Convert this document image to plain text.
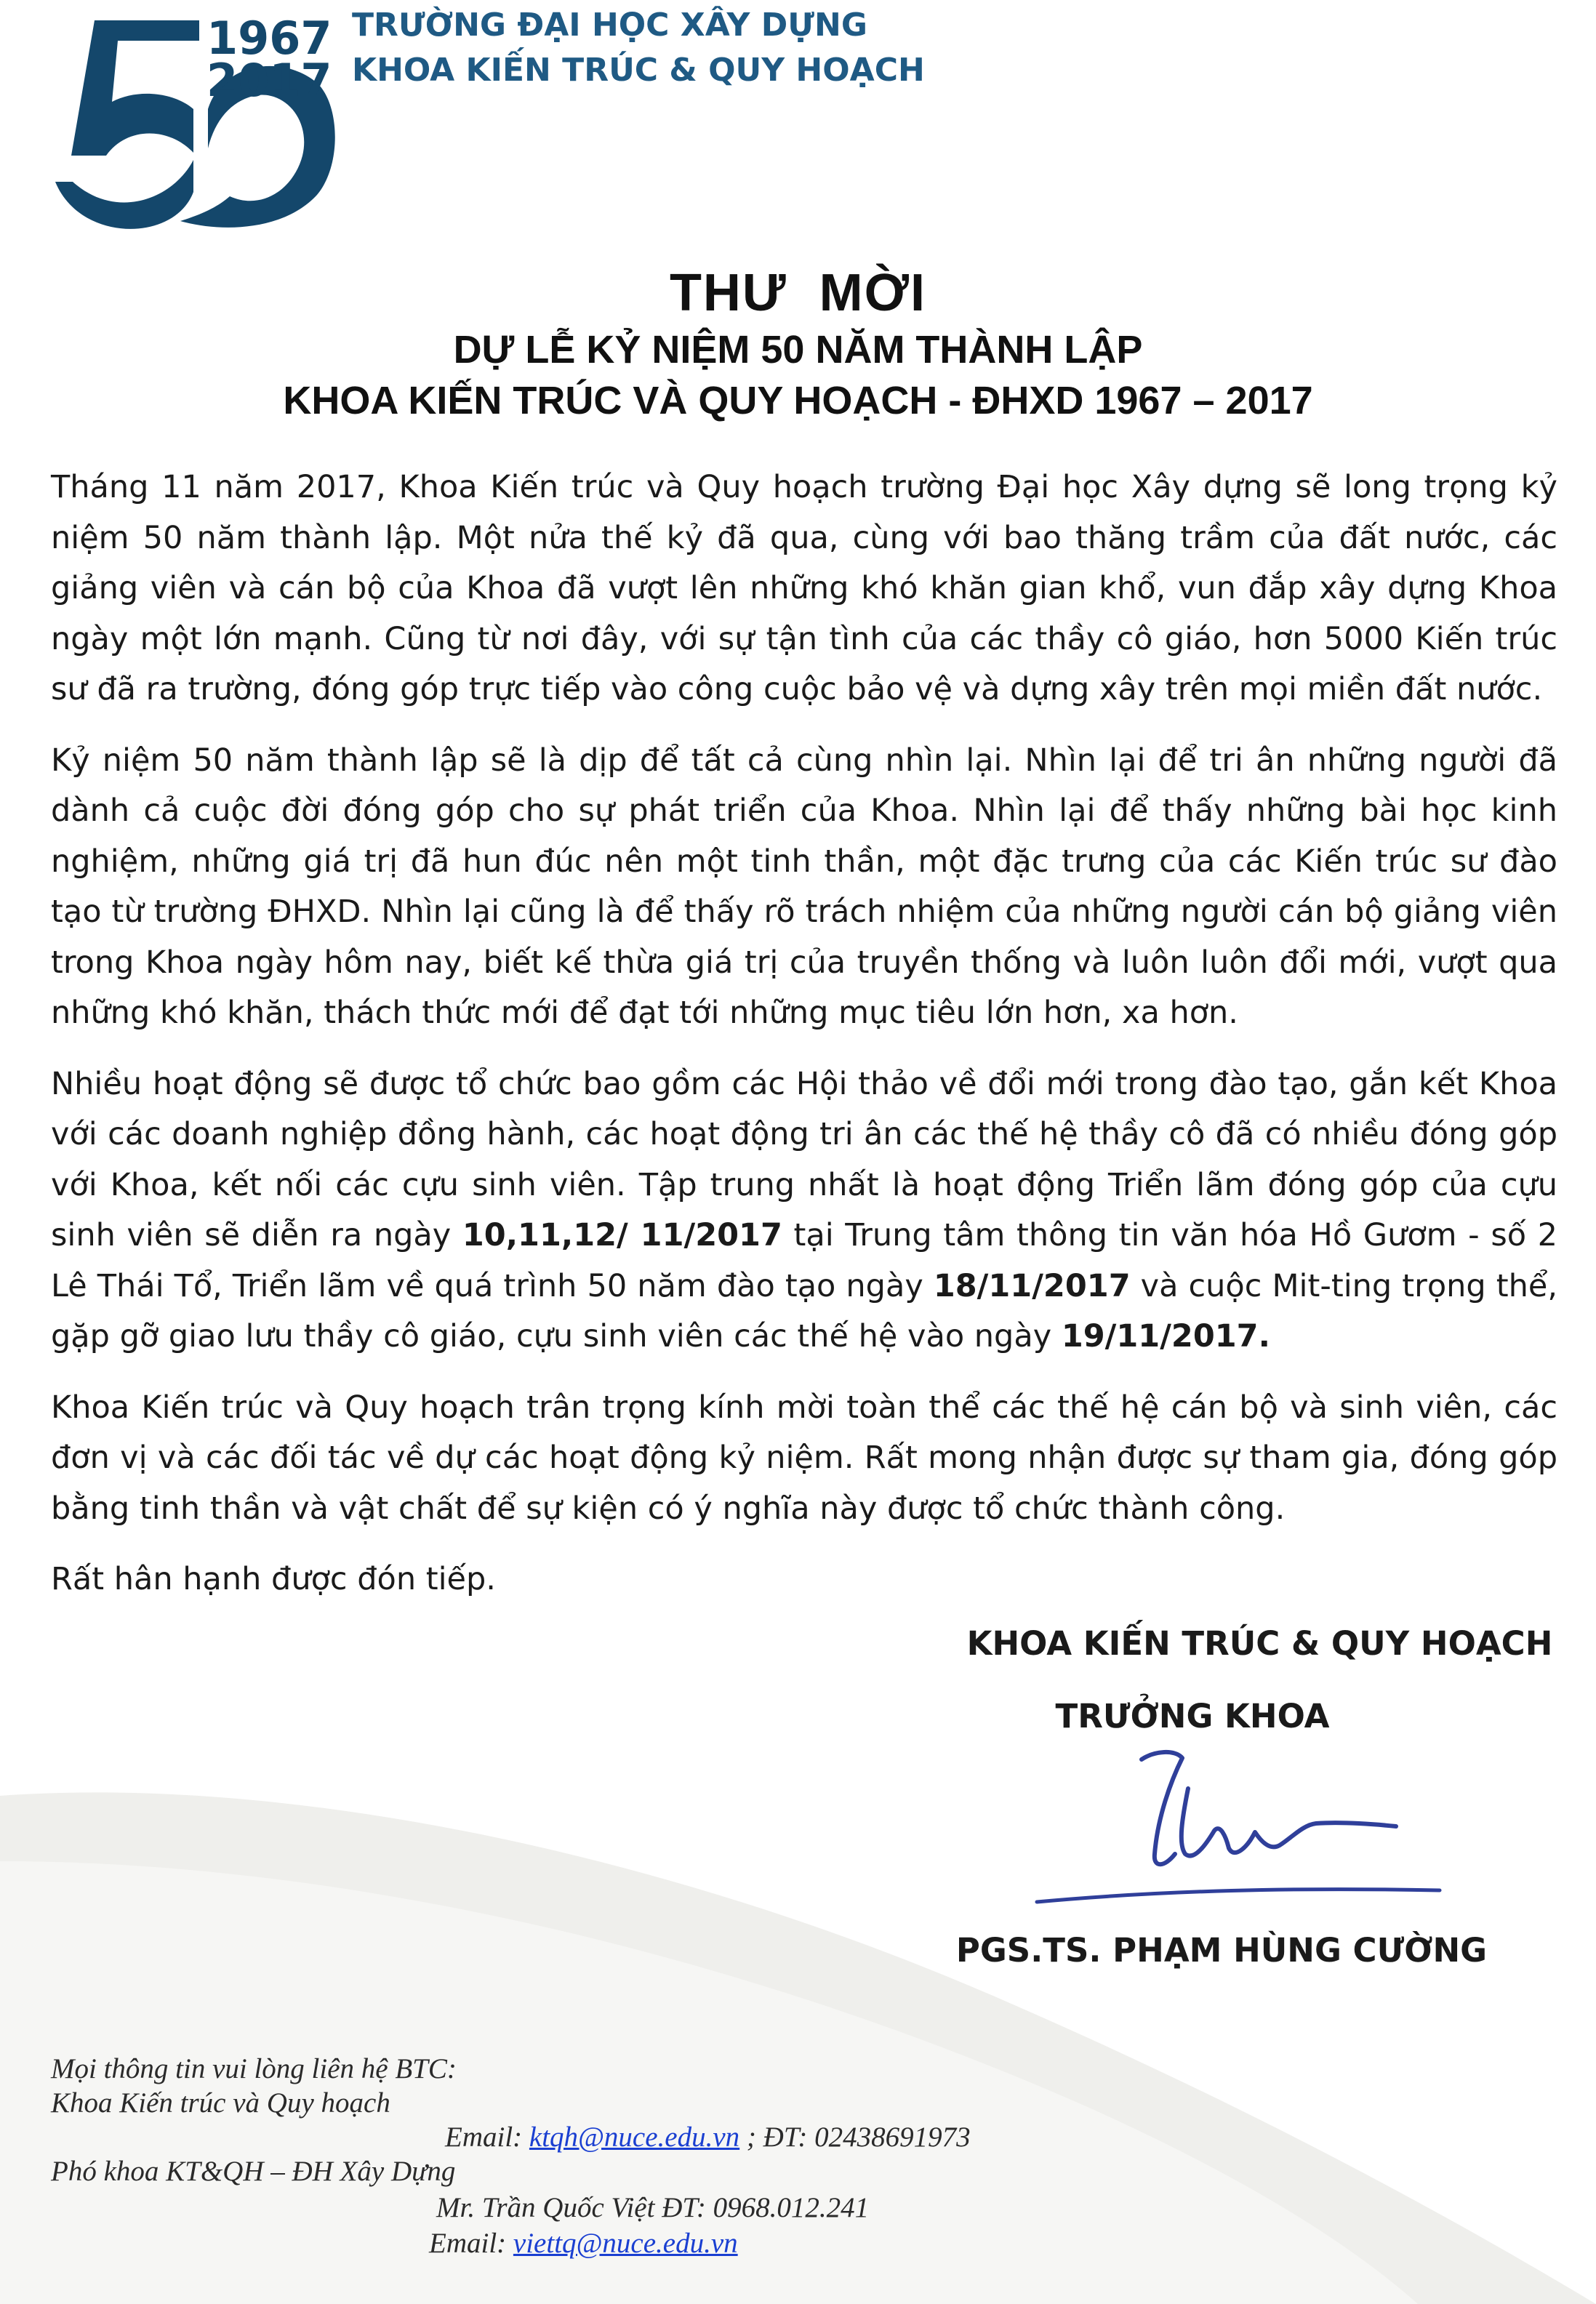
1967
2017
TRƯỜNG ĐẠI HỌC XÂY DỰNG
KHOA KIẾN TRÚC & QUY HOẠCH
THƯ  MỜI
DỰ LỄ KỶ NIỆM 50 NĂM THÀNH LẬP
KHOA KIẾN TRÚC VÀ QUY HOẠCH - ĐHXD 1967 – 2017

Tháng 11 năm 2017, Khoa Kiến trúc và Quy hoạch trường Đại học Xây dựng sẽ long trọng kỷ niệm 50 năm thành lập. Một nửa thế kỷ đã qua, cùng với bao thăng trầm của đất nước, các giảng viên và cán bộ của Khoa đã vượt lên những khó khăn gian khổ, vun đắp xây dựng Khoa ngày một lớn mạnh. Cũng từ nơi đây, với sự tận tình của các thầy cô giáo, hơn 5000 Kiến trúc sư đã ra trường, đóng góp trực tiếp vào công cuộc bảo vệ và dựng xây trên mọi miền đất nước.

Kỷ niệm 50 năm thành lập sẽ là dịp để tất cả cùng nhìn lại. Nhìn lại để tri ân những người đã dành cả cuộc đời đóng góp cho sự phát triển của Khoa. Nhìn lại để thấy những bài học kinh nghiệm, những giá trị đã hun đúc nên một tinh thần, một đặc trưng của các Kiến trúc sư đào tạo từ trường ĐHXD. Nhìn lại cũng là để thấy rõ trách nhiệm của những người cán bộ giảng viên trong Khoa ngày hôm nay, biết kế thừa giá trị của truyền thống và luôn luôn đổi mới, vượt qua những khó khăn, thách thức mới để đạt tới những mục tiêu lớn hơn, xa hơn.

Nhiều hoạt động sẽ được tổ chức bao gồm các Hội thảo về đổi mới trong đào tạo, gắn kết Khoa với các doanh nghiệp đồng hành, các hoạt động tri ân các thế hệ thầy cô đã có nhiều đóng góp với Khoa, kết nối các cựu sinh viên. Tập trung nhất là hoạt động Triển lãm đóng góp của cựu sinh viên sẽ diễn ra ngày 10,11,12/ 11/2017 tại Trung tâm thông tin văn hóa Hồ Gươm - số 2 Lê Thái Tổ, Triển lãm về quá trình 50 năm đào tạo ngày 18/11/2017 và cuộc Mit-ting trọng thể, gặp gỡ giao lưu thầy cô giáo, cựu sinh viên các thế hệ vào ngày 19/11/2017.

Khoa Kiến trúc và Quy hoạch trân trọng kính mời toàn thể các thế hệ cán bộ và sinh viên, các đơn vị và các đối tác về dự các hoạt động kỷ niệm. Rất mong nhận được sự tham gia, đóng góp bằng tinh thần và vật chất để sự kiện có ý nghĩa này được tổ chức thành công.

Rất hân hạnh được đón tiếp.

KHOA KIẾN TRÚC & QUY HOẠCH
TRƯỞNG KHOA
PGS.TS. PHẠM HÙNG CƯỜNG
Mọi thông tin vui lòng liên hệ BTC:
Khoa Kiến trúc và Quy hoạch
Email: ktqh@nuce.edu.vn ; ĐT: 02438691973
Phó khoa KT&QH – ĐH Xây Dựng
Mr. Trần Quốc Việt ĐT: 0968.012.241
Email: viettq@nuce.edu.vn
